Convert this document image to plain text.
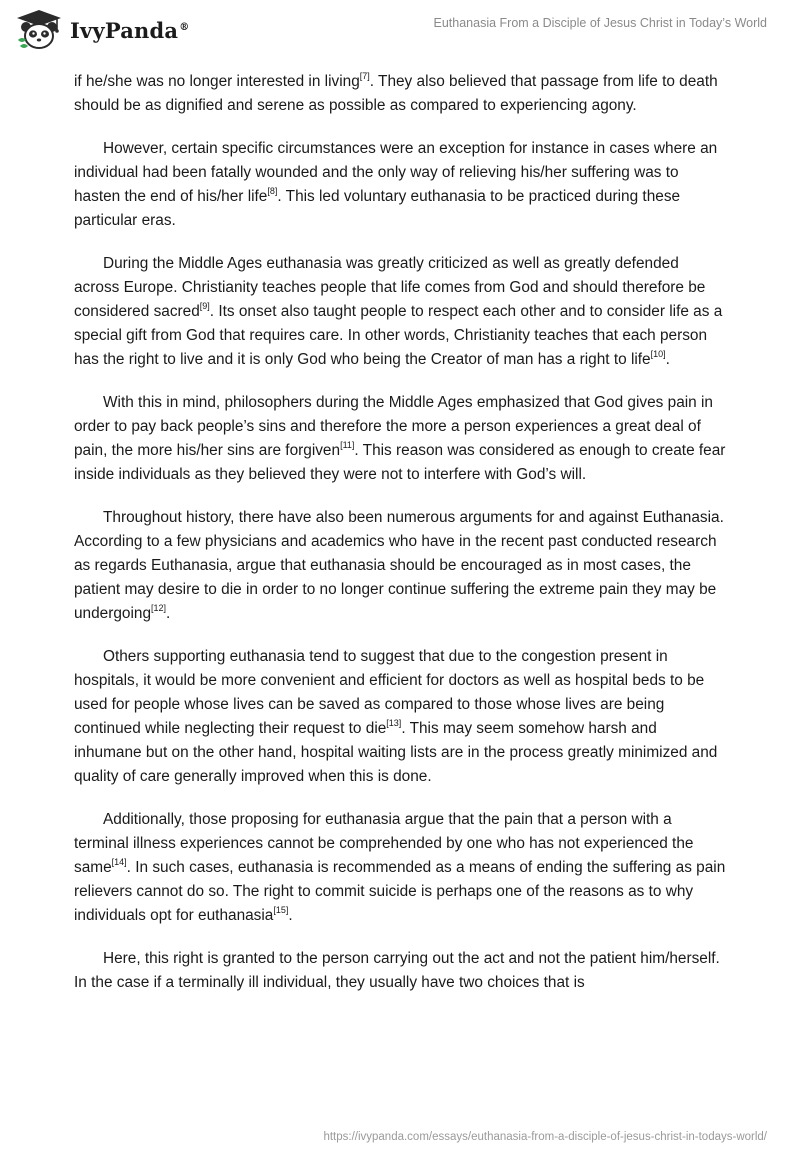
IvyPanda®	Euthanasia From a Disciple of Jesus Christ in Today’s World

if he/she was no longer interested in living[7]. They also believed that passage from life to death should be as dignified and serene as possible as compared to experiencing agony.

However, certain specific circumstances were an exception for instance in cases where an individual had been fatally wounded and the only way of relieving his/her suffering was to hasten the end of his/her life[8]. This led voluntary euthanasia to be practiced during these particular eras.

During the Middle Ages euthanasia was greatly criticized as well as greatly defended across Europe. Christianity teaches people that life comes from God and should therefore be considered sacred[9]. Its onset also taught people to respect each other and to consider life as a special gift from God that requires care. In other words, Christianity teaches that each person has the right to live and it is only God who being the Creator of man has a right to life[10].

With this in mind, philosophers during the Middle Ages emphasized that God gives pain in order to pay back people’s sins and therefore the more a person experiences a great deal of pain, the more his/her sins are forgiven[11]. This reason was considered as enough to create fear inside individuals as they believed they were not to interfere with God’s will.

Throughout history, there have also been numerous arguments for and against Euthanasia. According to a few physicians and academics who have in the recent past conducted research as regards Euthanasia, argue that euthanasia should be encouraged as in most cases, the patient may desire to die in order to no longer continue suffering the extreme pain they may be undergoing[12].

Others supporting euthanasia tend to suggest that due to the congestion present in hospitals, it would be more convenient and efficient for doctors as well as hospital beds to be used for people whose lives can be saved as compared to those whose lives are being continued while neglecting their request to die[13]. This may seem somehow harsh and inhumane but on the other hand, hospital waiting lists are in the process greatly minimized and quality of care generally improved when this is done.

Additionally, those proposing for euthanasia argue that the pain that a person with a terminal illness experiences cannot be comprehended by one who has not experienced the same[14]. In such cases, euthanasia is recommended as a means of ending the suffering as pain relievers cannot do so. The right to commit suicide is perhaps one of the reasons as to why individuals opt for euthanasia[15].

Here, this right is granted to the person carrying out the act and not the patient him/herself. In the case if a terminally ill individual, they usually have two choices that is

https://ivypanda.com/essays/euthanasia-from-a-disciple-of-jesus-christ-in-todays-world/
